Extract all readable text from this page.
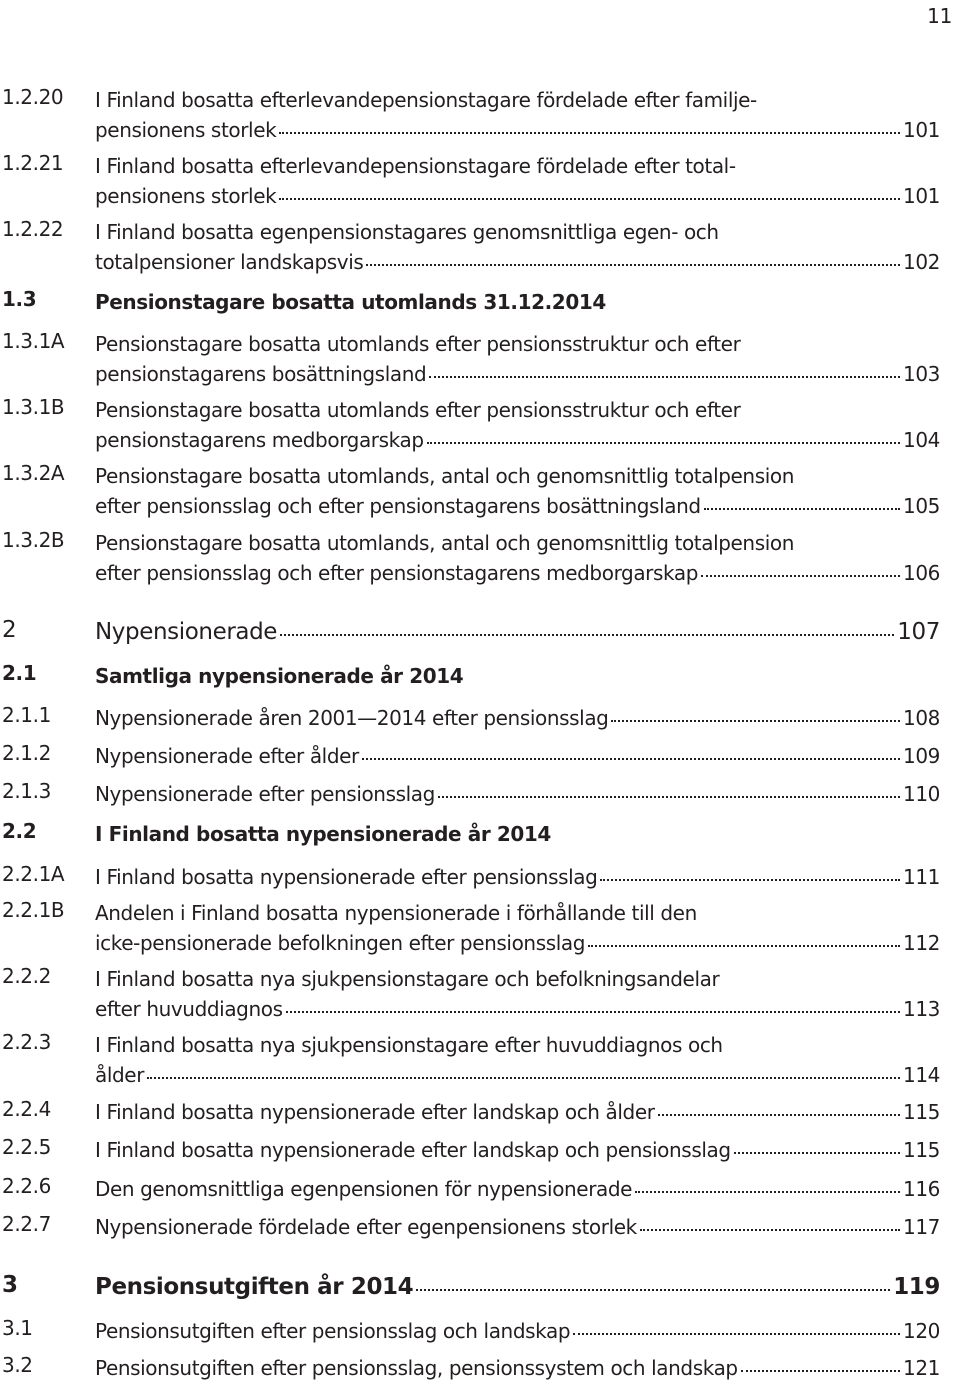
11
1.2.20 I Finland bosatta efterlevandepensionstagare fördelade efter familje-
pensionens storlek	101
1.2.21 I Finland bosatta efterlevandepensionstagare fördelade efter total-
pensionens storlek	101
1.2.22 I Finland bosatta egenpensionstagares genomsnittliga egen- och
totalpensioner landskapsvis	102
1.3	Pensionstagare bosatta utomlands 31.12.2014
1.3.1A Pensionstagare bosatta utomlands efter pensionsstruktur och efter
pensionstagarens bosättningsland	103
1.3.1B Pensionstagare bosatta utomlands efter pensionsstruktur och efter
pensionstagarens medborgarskap	104
1.3.2A Pensionstagare bosatta utomlands, antal och genomsnittlig totalpension
efter pensionsslag och efter pensionstagarens bosättningsland	105
1.3.2B Pensionstagare bosatta utomlands, antal och genomsnittlig totalpension
efter pensionsslag och efter pensionstagarens medborgarskap	106
2	Nypensionerade	107
2.1	Samtliga nypensionerade år 2014
2.1.1 Nypensionerade åren 2001—2014 efter pensionsslag	108
2.1.2 Nypensionerade efter ålder	109
2.1.3 Nypensionerade efter pensionsslag	110
2.2	I Finland bosatta nypensionerade år 2014
2.2.1A I Finland bosatta nypensionerade efter pensionsslag	111
2.2.1B Andelen i Finland bosatta nypensionerade i förhållande till den
icke-pensionerade befolkningen efter pensionsslag	112
2.2.2 I Finland bosatta nya sjukpensionstagare och befolkningsandelar
efter huvuddiagnos	113
2.2.3 I Finland bosatta nya sjukpensionstagare efter huvuddiagnos och
ålder	114
2.2.4 I Finland bosatta nypensionerade efter landskap och ålder	115
2.2.5 I Finland bosatta nypensionerade efter landskap och pensionsslag	115
2.2.6 Den genomsnittliga egenpensionen för nypensionerade	116
2.2.7 Nypensionerade fördelade efter egenpensionens storlek	117
3	Pensionsutgiften år 2014	119
3.1	Pensionsutgiften efter pensionsslag och landskap	120
3.2	Pensionsutgiften efter pensionsslag, pensionssystem och landskap	121
